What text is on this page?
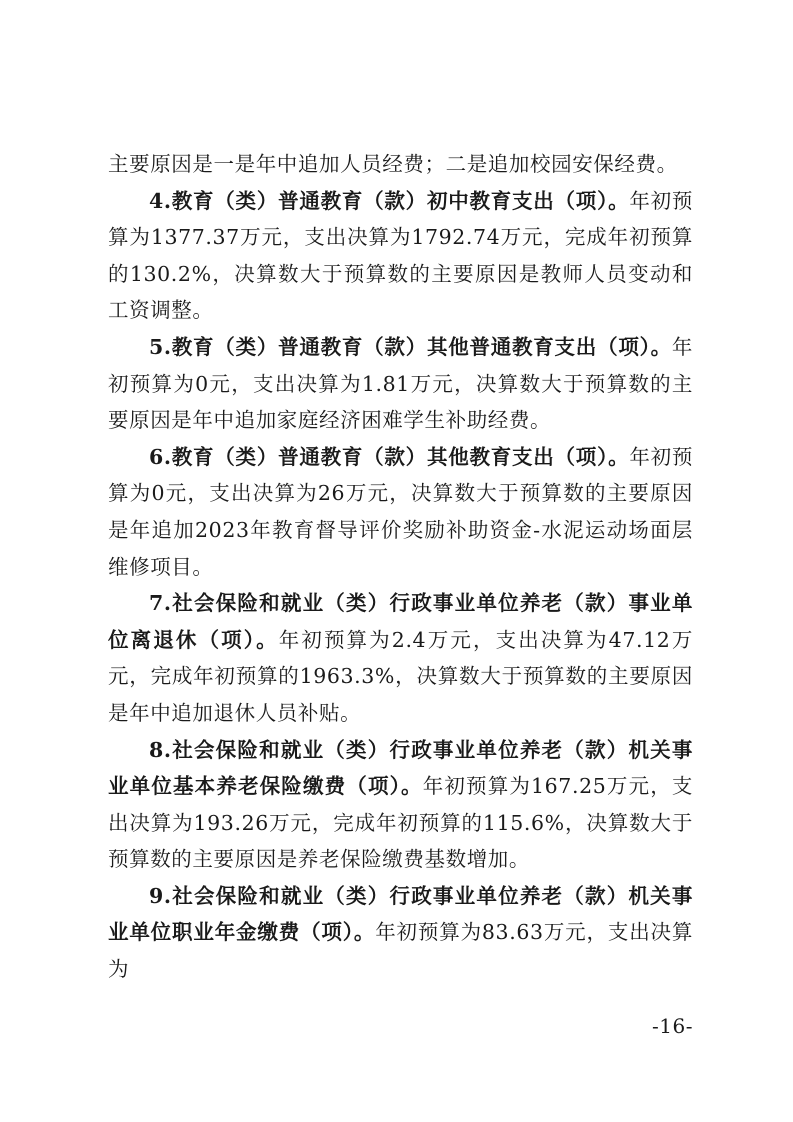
主要原因是一是年中追加人员经费；二是追加校园安保经费。

4.教育（类）普通教育（款）初中教育支出（项）。年初预算为1377.37万元，支出决算为1792.74万元，完成年初预算的130.2%，决算数大于预算数的主要原因是教师人员变动和工资调整。

5.教育（类）普通教育（款）其他普通教育支出（项）。年初预算为0元，支出决算为1.81万元，决算数大于预算数的主要原因是年中追加家庭经济困难学生补助经费。

6.教育（类）普通教育（款）其他教育支出（项）。年初预算为0元，支出决算为26万元，决算数大于预算数的主要原因是年追加2023年教育督导评价奖励补助资金-水泥运动场面层维修项目。

7.社会保险和就业（类）行政事业单位养老（款）事业单位离退休（项）。年初预算为2.4万元，支出决算为47.12万元，完成年初预算的1963.3%，决算数大于预算数的主要原因是年中追加退休人员补贴。

8.社会保险和就业（类）行政事业单位养老（款）机关事业单位基本养老保险缴费（项）。年初预算为167.25万元，支出决算为193.26万元，完成年初预算的115.6%，决算数大于预算数的主要原因是养老保险缴费基数增加。

9.社会保险和就业（类）行政事业单位养老（款）机关事业单位职业年金缴费（项）。年初预算为83.63万元，支出决算为

-16-
